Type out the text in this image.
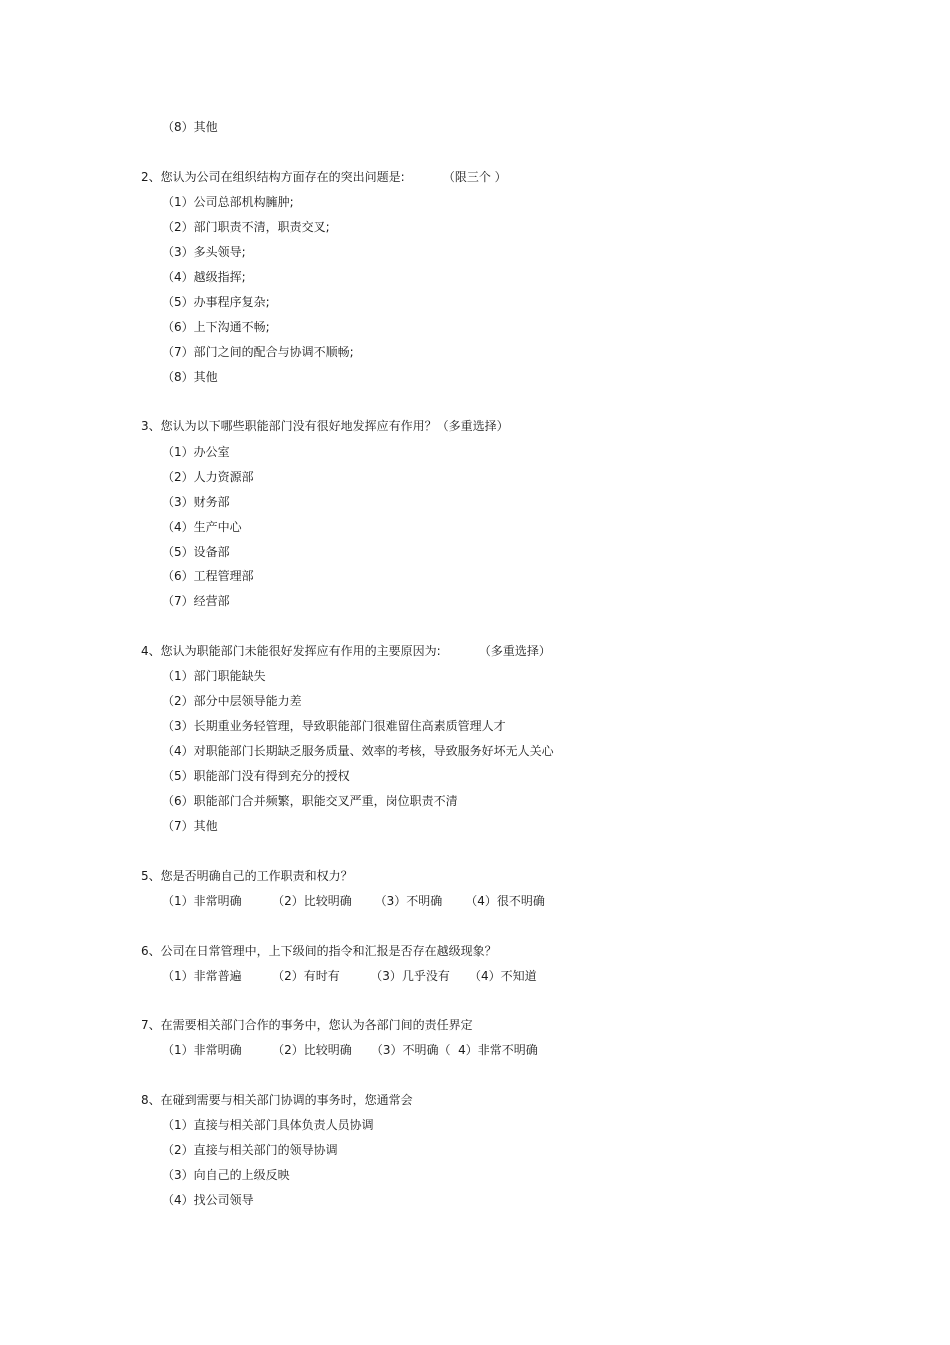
（8）其他
2、您认为公司在组织结构方面存在的突出问题是:          （限三个 ）
（1）公司总部机构臃肿;
（2）部门职责不清，职责交叉;
（3）多头领导;
（4）越级指挥;
（5）办事程序复杂;
（6）上下沟通不畅;
（7）部门之间的配合与协调不顺畅;
（8）其他
3、您认为以下哪些职能部门没有很好地发挥应有作用？（多重选择）
（1）办公室
（2）人力资源部
（3）财务部
（4）生产中心
（5）设备部
（6）工程管理部
（7）经营部
4、您认为职能部门未能很好发挥应有作用的主要原因为:          （多重选择）
（1）部门职能缺失
（2）部分中层领导能力差
（3）长期重业务轻管理，导致职能部门很难留住高素质管理人才
（4）对职能部门长期缺乏服务质量、效率的考核，导致服务好坏无人关心
（5）职能部门没有得到充分的授权
（6）职能部门合并频繁，职能交叉严重，岗位职责不清
（7）其他
5、您是否明确自己的工作职责和权力？
（1）非常明确        （2）比较明确      （3）不明确      （4）很不明确
6、公司在日常管理中，上下级间的指令和汇报是否存在越级现象？
（1）非常普遍        （2）有时有        （3）几乎没有     （4）不知道
7、在需要相关部门合作的事务中，您认为各部门间的责任界定
（1）非常明确        （2）比较明确     （3）不明确（  4）非常不明确
8、在碰到需要与相关部门协调的事务时，您通常会
（1）直接与相关部门具体负责人员协调
（2）直接与相关部门的领导协调
（3）向自己的上级反映
（4）找公司领导
